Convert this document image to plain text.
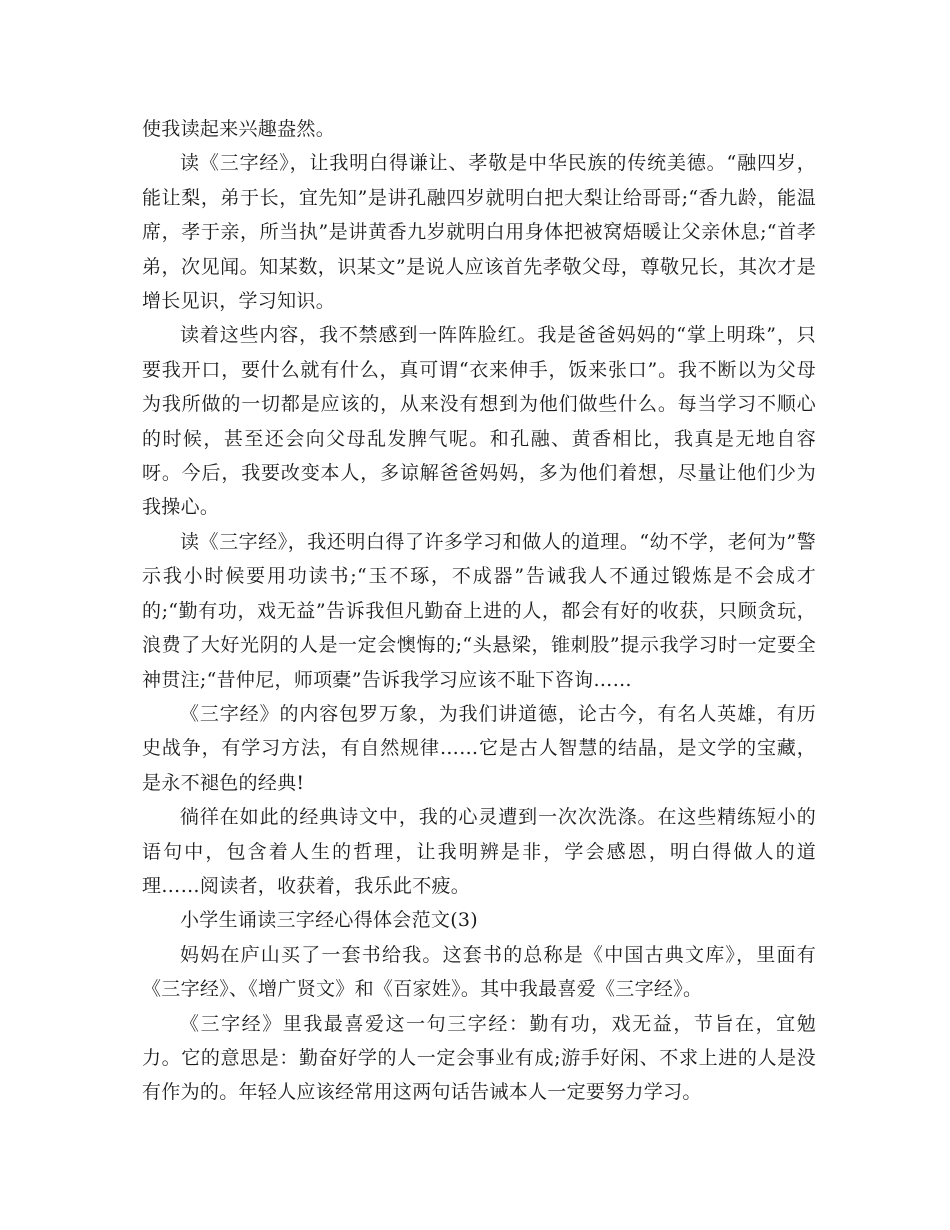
使我读起来兴趣盎然。

读《三字经》，让我明白得谦让、孝敬是中华民族的传统美德。“融四岁，能让梨，弟于长，宜先知”是讲孔融四岁就明白把大梨让给哥哥;“香九龄，能温席，孝于亲，所当执”是讲黄香九岁就明白用身体把被窝焐暖让父亲休息;“首孝弟，次见闻。知某数，识某文”是说人应该首先孝敬父母，尊敬兄长，其次才是增长见识，学习知识。

读着这些内容，我不禁感到一阵阵脸红。我是爸爸妈妈的“掌上明珠”，只要我开口，要什么就有什么，真可谓“衣来伸手，饭来张口”。我不断以为父母为我所做的一切都是应该的，从来没有想到为他们做些什么。每当学习不顺心的时候，甚至还会向父母乱发脾气呢。和孔融、黄香相比，我真是无地自容呀。今后，我要改变本人，多谅解爸爸妈妈，多为他们着想，尽量让他们少为我操心。

读《三字经》，我还明白得了许多学习和做人的道理。“幼不学，老何为”警示我小时候要用功读书;“玉不琢，不成器”告诫我人不通过锻炼是不会成才的;“勤有功，戏无益”告诉我但凡勤奋上进的人，都会有好的收获，只顾贪玩，浪费了大好光阴的人是一定会懊悔的;“头悬梁，锥刺股”提示我学习时一定要全神贯注;“昔仲尼，师项橐”告诉我学习应该不耻下咨询……

《三字经》的内容包罗万象，为我们讲道德，论古今，有名人英雄，有历史战争，有学习方法，有自然规律……它是古人智慧的结晶，是文学的宝藏，是永不褪色的经典!

徜徉在如此的经典诗文中，我的心灵遭到一次次洗涤。在这些精练短小的语句中，包含着人生的哲理，让我明辨是非，学会感恩，明白得做人的道理……阅读者，收获着，我乐此不疲。

小学生诵读三字经心得体会范文(3)

妈妈在庐山买了一套书给我。这套书的总称是《中国古典文库》，里面有《三字经》、《增广贤文》和《百家姓》。其中我最喜爱《三字经》。

《三字经》里我最喜爱这一句三字经：勤有功，戏无益，节旨在，宜勉力。它的意思是：勤奋好学的人一定会事业有成;游手好闲、不求上进的人是没有作为的。年轻人应该经常用这两句话告诫本人一定要努力学习。
